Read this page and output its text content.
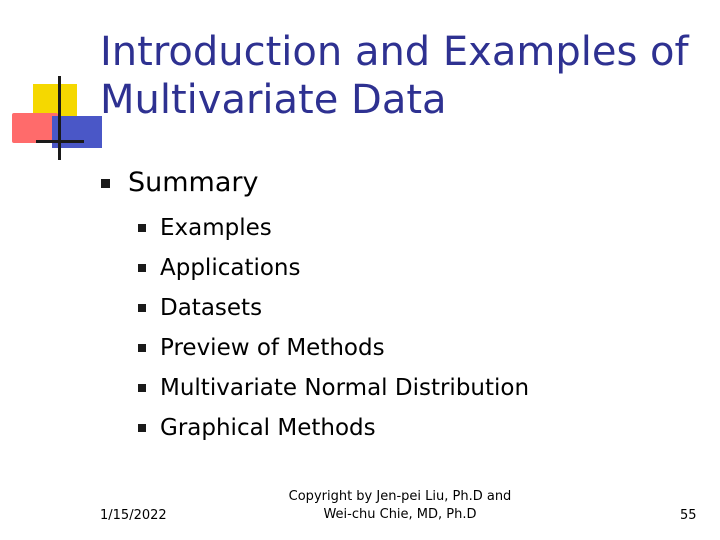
Introduction and Examples of
Multivariate Data
Summary
Examples
Applications
Datasets
Preview of Methods
Multivariate Normal Distribution
Graphical Methods
1/15/2022
Copyright by Jen-pei Liu, Ph.D and
Wei-chu Chie, MD, Ph.D	55
